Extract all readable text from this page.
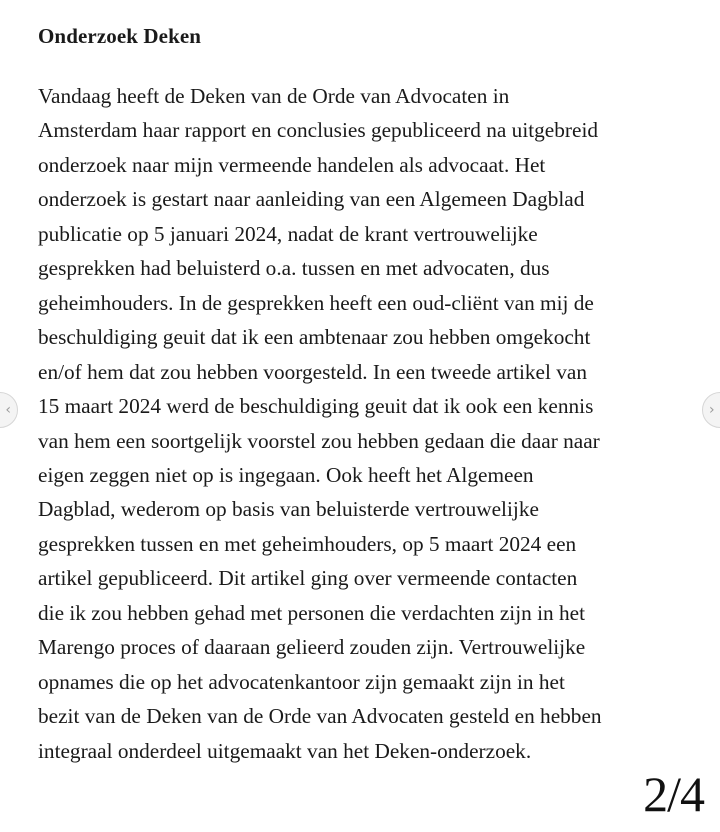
Onderzoek Deken
Vandaag heeft de Deken van de Orde van Advocaten in
Amsterdam haar rapport en conclusies gepubliceerd na uitgebreid
onderzoek naar mijn vermeende handelen als advocaat. Het
onderzoek is gestart naar aanleiding van een Algemeen Dagblad
publicatie op 5 januari 2024, nadat de krant vertrouwelijke
gesprekken had beluisterd o.a. tussen en met advocaten, dus
geheimhouders. In de gesprekken heeft een oud-cliënt van mij de
beschuldiging geuit dat ik een ambtenaar zou hebben omgekocht
en/of hem dat zou hebben voorgesteld. In een tweede artikel van
15 maart 2024 werd de beschuldiging geuit dat ik ook een kennis
van hem een soortgelijk voorstel zou hebben gedaan die daar naar
eigen zeggen niet op is ingegaan. Ook heeft het Algemeen
Dagblad, wederom op basis van beluisterde vertrouwelijke
gesprekken tussen en met geheimhouders, op 5 maart 2024 een
artikel gepubliceerd. Dit artikel ging over vermeende contacten
die ik zou hebben gehad met personen die verdachten zijn in het
Marengo proces of daaraan gelieerd zouden zijn. Vertrouwelijke
opnames die op het advocatenkantoor zijn gemaakt zijn in het
bezit van de Deken van de Orde van Advocaten gesteld en hebben
integraal onderdeel uitgemaakt van het Deken-onderzoek.
2/4
‹	›
